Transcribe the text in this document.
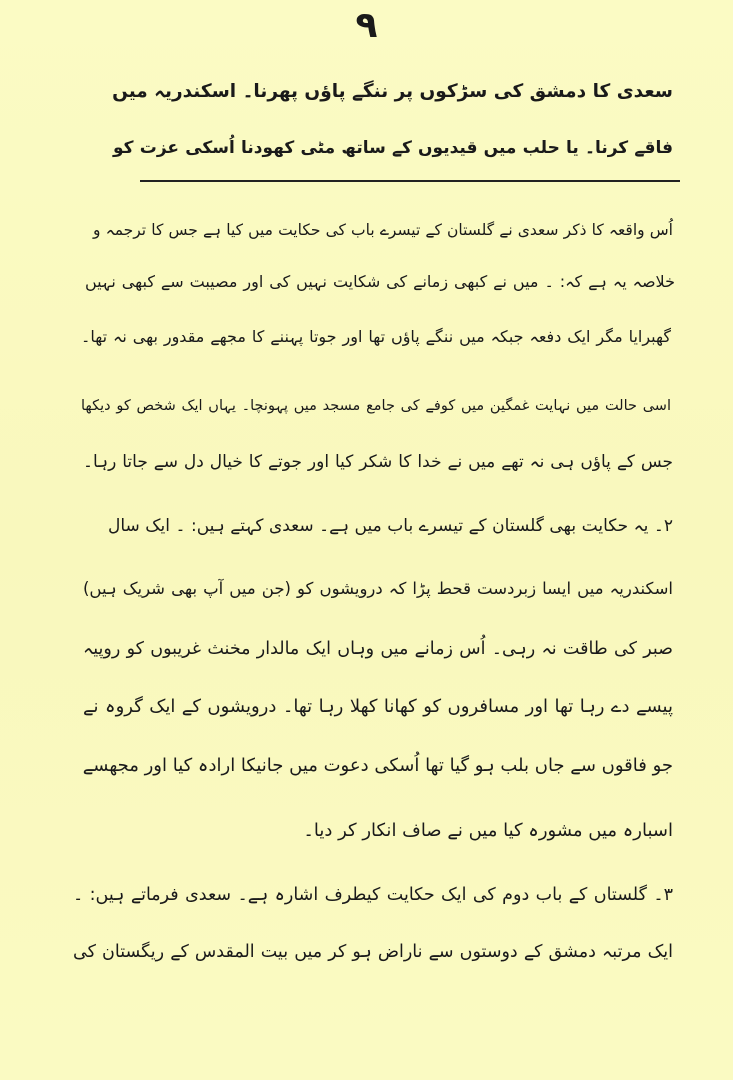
۹
سعدی کا دمشق کی سڑکوں پر ننگے پاؤں پھرنا۔ اسکندریہ میں
فاقے کرنا۔ یا حلب میں قیدیوں کے ساتھ مٹی کھودنا اُسکی عزت کو
اُس واقعہ کا ذکر سعدی نے گلستان کے تیسرے باب کی حکایت میں کیا ہے جس کا ترجمہ و
خلاصہ یہ ہے کہ: ۔ میں نے کبھی زمانے کی شکایت نہیں کی اور مصیبت سے کبھی نہیں
گھبرایا مگر ایک دفعہ جبکہ میں ننگے پاؤں تھا اور جوتا پہننے کا مجھے مقدور بھی نہ تھا۔
اسی حالت میں نہایت غمگین میں کوفے کی جامع مسجد میں پہونچا۔ یہاں ایک شخص کو دیکھا
جس کے پاؤں ہی نہ تھے میں نے خدا کا شکر کیا اور جوتے کا خیال دل سے جاتا رہا۔
۲۔ یہ حکایت بھی گلستان کے تیسرے باب میں ہے۔ سعدی کہتے ہیں: ۔ ایک سال
اسکندریہ میں ایسا زبردست قحط پڑا کہ درویشوں کو (جن میں آپ بھی شریک ہیں)
صبر کی طاقت نہ رہی۔ اُس زمانے میں وہاں ایک مالدار مخنث غریبوں کو روپیہ
پیسے دے رہا تھا اور مسافروں کو کھانا کھلا رہا تھا۔ درویشوں کے ایک گروہ نے
جو فاقوں سے جاں بلب ہو گیا تھا اُسکی دعوت میں جانیکا ارادہ کیا اور مجھسے
اسبارہ میں مشورہ کیا میں نے صاف انکار کر دیا۔
۳۔ گلستاں کے باب دوم کی ایک حکایت کیطرف اشارہ ہے۔ سعدی فرماتے ہیں: ۔
ایک مرتبہ دمشق کے دوستوں سے ناراض ہو کر میں بیت المقدس کے ریگستان کی
